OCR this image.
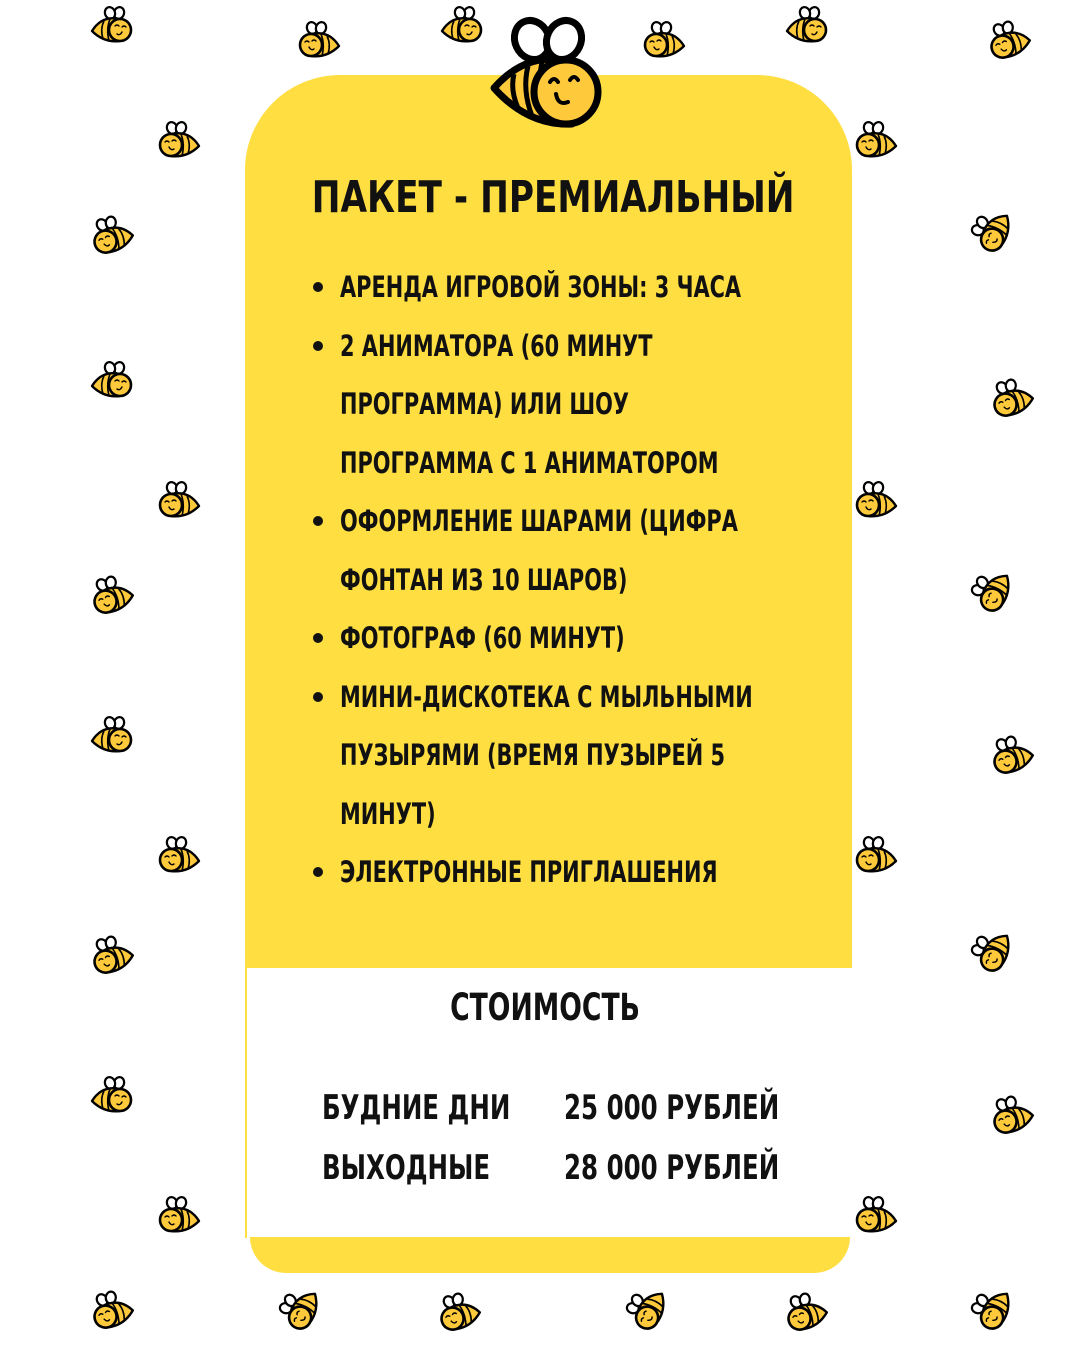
ПАКЕТ - ПРЕМИАЛЬНЫЙ
АРЕНДА ИГРОВОЙ ЗОНЫ: 3 ЧАСА
2 АНИМАТОРА (60 МИНУТ
ПРОГРАММА) ИЛИ ШОУ
ПРОГРАММА С 1 АНИМАТОРОМ
ОФОРМЛЕНИЕ ШАРАМИ (ЦИФРА
ФОНТАН ИЗ 10 ШАРОВ)
ФОТОГРАФ (60 МИНУТ)
МИНИ-ДИСКОТЕКА С МЫЛЬНЫМИ
ПУЗЫРЯМИ (ВРЕМЯ ПУЗЫРЕЙ 5
МИНУТ)
ЭЛЕКТРОННЫЕ ПРИГЛАШЕНИЯ
СТОИМОСТЬ
БУДНИЕ ДНИ 25 000 РУБЛЕЙ
ВЫХОДНЫЕ 28 000 РУБЛЕЙ
